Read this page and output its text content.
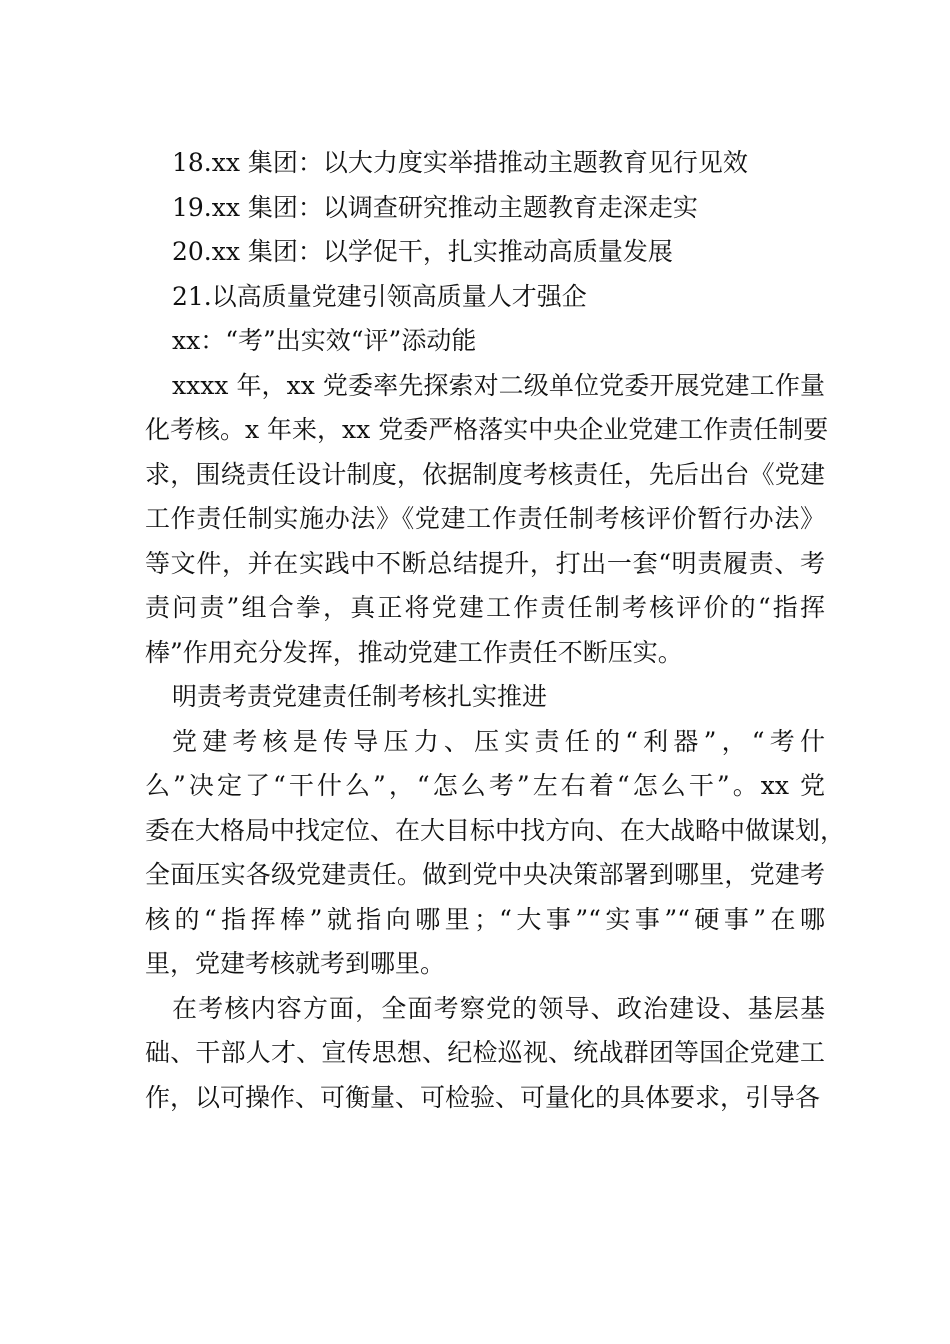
18.xx 集团：以大力度实举措推动主题教育见行见效
19.xx 集团：以调查研究推动主题教育走深走实
20.xx 集团：以学促干，扎实推动高质量发展
21.以高质量党建引领高质量人才强企
xx：“考”出实效“评”添动能
xxxx 年，xx 党委率先探索对二级单位党委开展党建工作量
化考核。x 年来，xx 党委严格落实中央企业党建工作责任制要
求，围绕责任设计制度，依据制度考核责任，先后出台《党建
工作责任制实施办法》《党建工作责任制考核评价暂行办法》
等文件，并在实践中不断总结提升，打出一套“明责履责、考
责问责”组合拳，真正将党建工作责任制考核评价的“指挥
棒”作用充分发挥，推动党建工作责任不断压实。
明责考责党建责任制考核扎实推进
党建考核是传导压力、压实责任的“利器”，“考什
么”决定了“干什么”，“怎么考”左右着“怎么干”。xx 党
委在大格局中找定位、在大目标中找方向、在大战略中做谋划，
全面压实各级党建责任。做到党中央决策部署到哪里，党建考
核的“指挥棒”就指向哪里；“大事”“实事”“硬事”在哪
里，党建考核就考到哪里。
在考核内容方面，全面考察党的领导、政治建设、基层基
础、干部人才、宣传思想、纪检巡视、统战群团等国企党建工
作，以可操作、可衡量、可检验、可量化的具体要求，引导各
